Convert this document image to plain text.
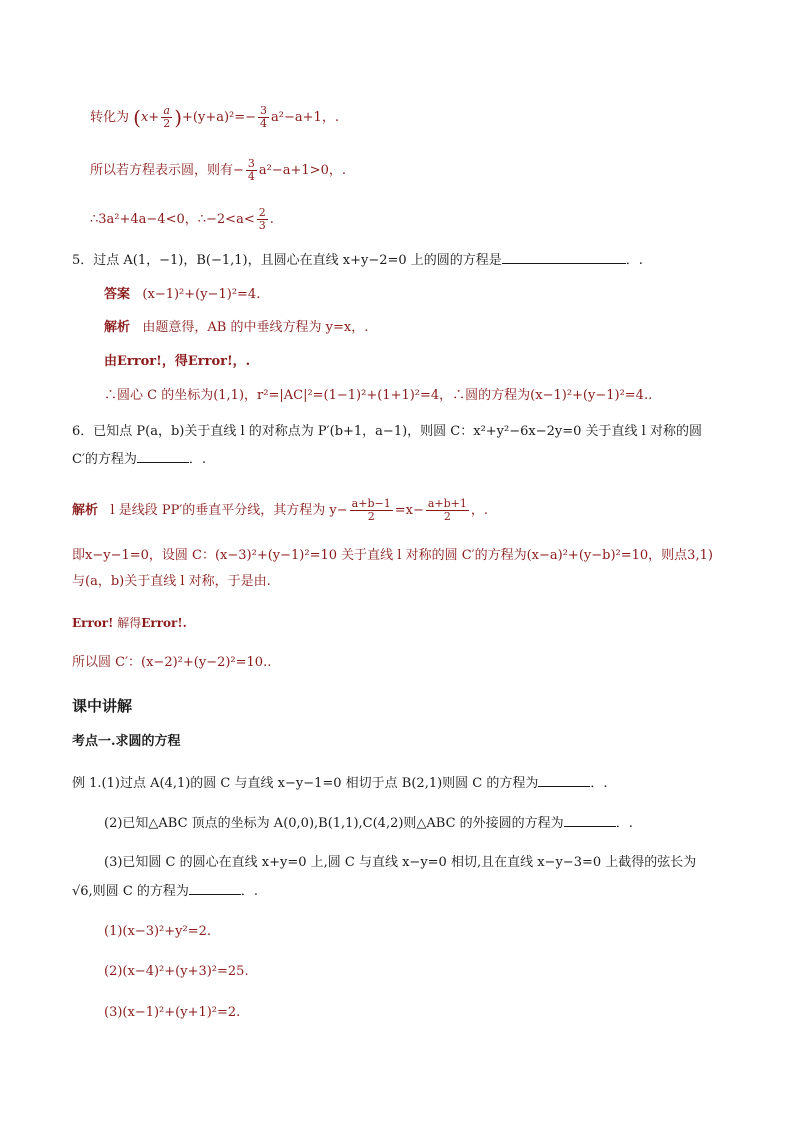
转化为 $(x+ \frac{a}{2} )+(y+a)^2=- \frac{3}{4} a^2-a+1$，.
所以若方程表示圆，则有− $\frac{3}{4} a^2-a+1>0$，.
∴3a²+4a−4<0，∴−2<a< $\frac{2}{3}$ .
5．过点 A(1，−1)，B(−1,1)，且圆心在直线 x+y−2=0 上的圆的方程是	．.
答案 (x−1)²+(y−1)²=4.
解析 由题意得，AB 的中垂线方程为 y=x，.
由Error!，得Error!，.
∴圆心 C 的坐标为(1,1)，r²=|AC|²=(1−1)²+(1+1)²=4，∴圆的方程为(x−1)²+(y−1)²=4..
6．已知点 P(a，b)关于直线 l 的对称点为 P′(b+1，a−1)，则圆 C：x²+y²−6x−2y=0 关于直线 l 对称的圆
C′的方程为	．.
解析 l 是线段 PP′的垂直平分线，其方程为 $y- \frac{a+b-1}{2} =x- \frac{a+b+1}{2}$ ，.
即x−y−1=0，设圆 C：(x−3)²+(y−1)²=10 关于直线 l 对称的圆 C′的方程为(x−a)²+(y−b)²=10，则点3,1)
与(a，b)关于直线 l 对称，于是由.
Error! 解得Error!.
所以圆 C′：(x−2)²+(y−2)²=10..
课中讲解
考点一.求圆的方程
例 1.(1)过点 A(4,1)的圆 C 与直线 x−y−1=0 相切于点 B(2,1)则圆 C 的方程为	．.
(2)已知△ABC 顶点的坐标为 A(0,0),B(1,1),C(4,2)则△ABC 的外接圆的方程为	．.
(3)已知圆 C 的圆心在直线 x+y=0 上,圆 C 与直线 x−y=0 相切,且在直线 x−y−3=0 上截得的弦长为
√6,则圆 C 的方程为	．.
(1)(x−3)²+y²=2.
(2)(x−4)²+(y+3)²=25.
(3)(x−1)²+(y+1)²=2.
